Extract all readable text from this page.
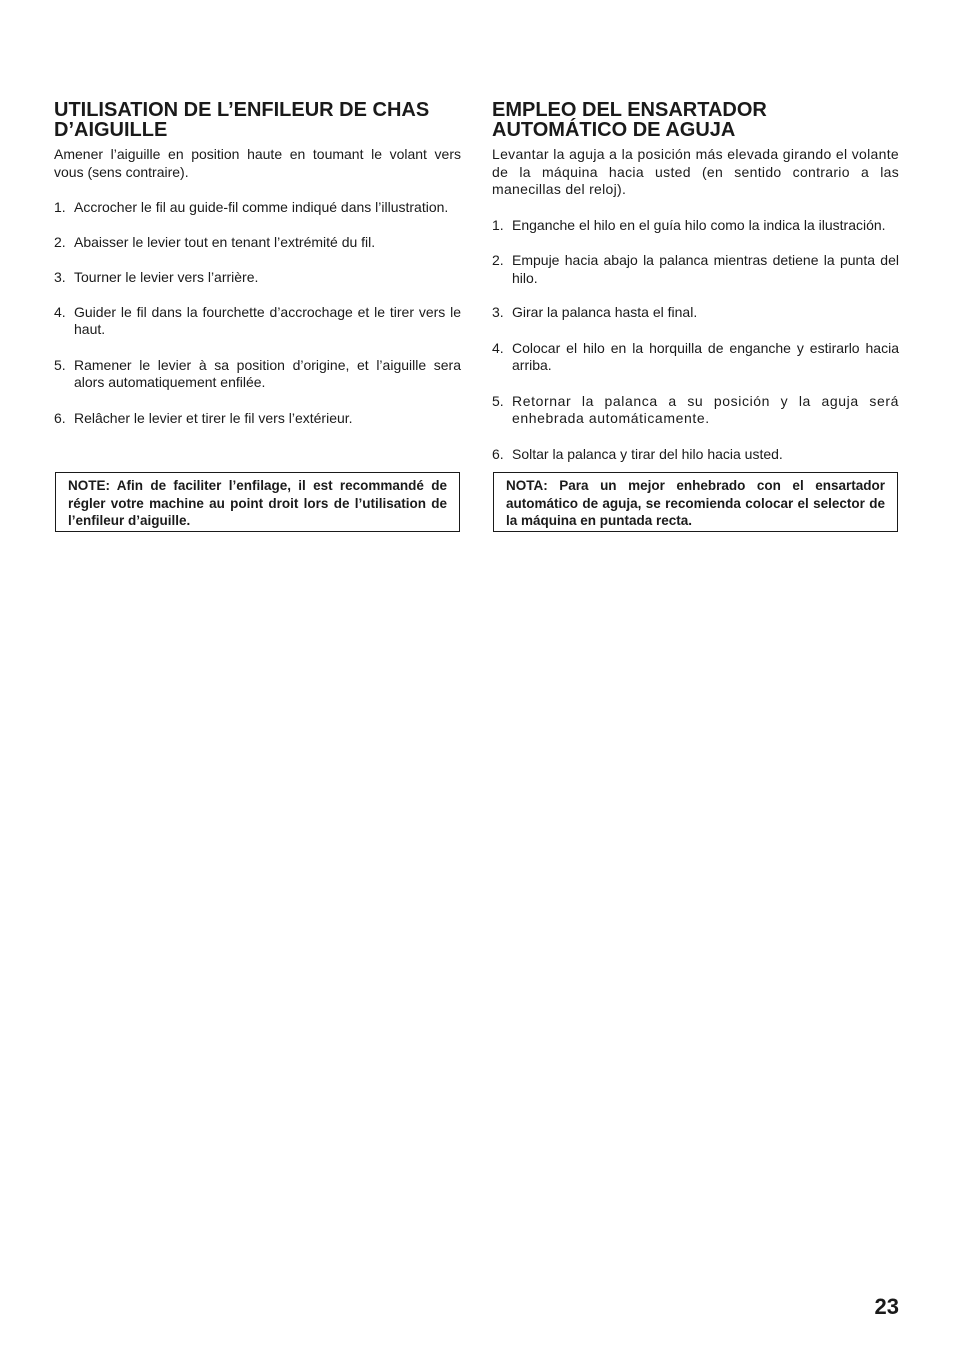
UTILISATION DE L’ENFILEUR DE CHAS
D’AIGUILLE

Amener l’aiguille en position haute en toumant le volant vers vous (sens contraire).

1. Accrocher le fil au guide-fil comme indiqué dans l’illustration.
2. Abaisser le levier tout en tenant l’extrémité du fil.
3. Tourner le levier vers l’arrière.
4. Guider le fil dans la fourchette d’accrochage et le tirer vers le haut.
5. Ramener le levier à sa position d’origine, et l’aiguille sera alors automatiquement enfilée.
6. Relâcher le levier et tirer le fil vers l’extérieur.
NOTE: Afin de faciliter l’enfilage, il est recommandé de régler votre machine au point droit lors de l’utilisation de l’enfileur d’aiguille.
EMPLEO DEL ENSARTADOR
AUTOMÁTICO DE AGUJA

Levantar la aguja a la posición más elevada girando el volante de la máquina hacia usted (en sentido contrario a las manecillas del reloj).

1. Enganche el hilo en el guía hilo como la indica la ilustración.
2. Empuje hacia abajo la palanca mientras detiene la punta del hilo.
3. Girar la palanca hasta el final.
4. Colocar el hilo en la horquilla de enganche y estirarlo hacia arriba.
5. Retornar la palanca a su posición y la aguja será enhebrada automáticamente.
6. Soltar la palanca y tirar del hilo hacia usted.
NOTA: Para un mejor enhebrado con el ensartador automático de aguja, se recomienda colocar el selector de la máquina en puntada recta.
23
